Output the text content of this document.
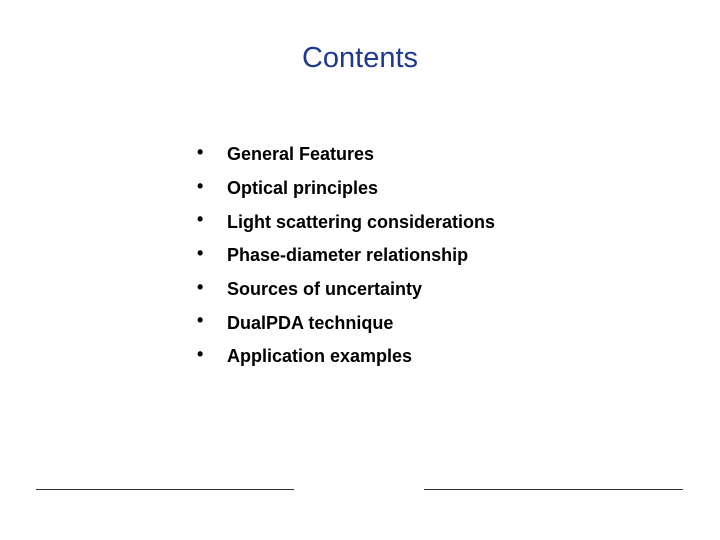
Contents
•	General Features
•	Optical principles
•	Light scattering considerations
•	Phase-diameter relationship
•	Sources of uncertainty
•	DualPDA technique
•	Application examples
